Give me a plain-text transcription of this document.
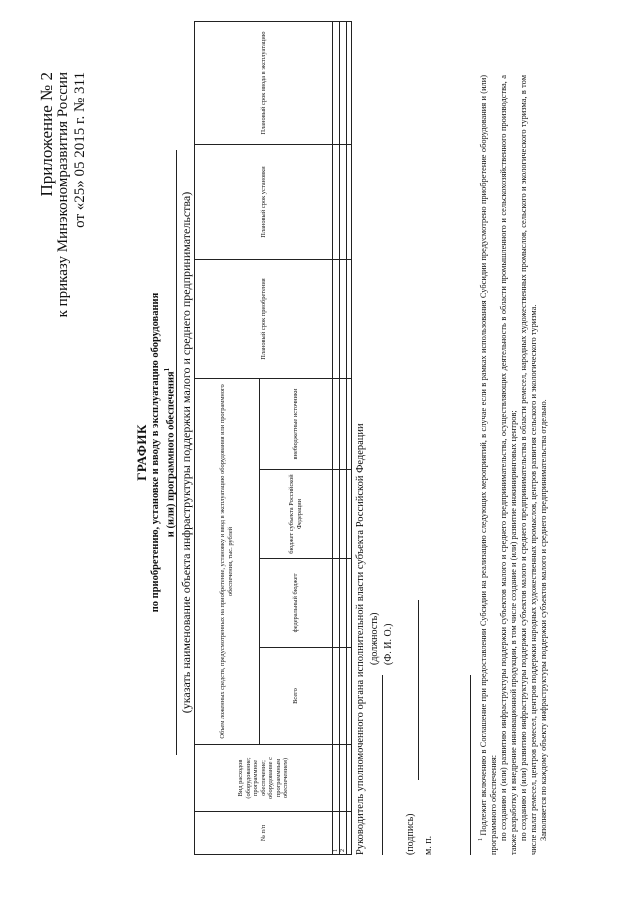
Приложение № 2 к приказу Минэкономразвития России от «25» 05 2015 г. № 311
ГРАФИК по приобретению, установке и вводу в эксплуатацию оборудования и (или) программного обеспечения$^1$ (указать наименование объекта инфраструктуры поддержки малого и среднего предпринимательства)
№ п/п	Вид расходов (оборудование; программное обеспечение; оборудование с программным обеспечением)	Объем ложенных средств, предусмотренных на приобретение, установку и ввод в эксплуатацию оборудования или программного обеспечения, тыс. рублей				Плановый срок приобретения	Плановый срок установки	Плановый срок ввода в эксплуатацию
		Всего	федеральный бюджет	бюджет субъекта Российской Федерации	внебюджетные источники			
1								
2								
								Руководитель уполномоченного органа исполнительной власти субъекта Российской Федерации (должность) (Ф. И. О.)
(подпись) м. п.	$^1$ Подлежит включению в Соглашение при предоставлении Субсидии на реализацию следующих мероприятий, в случае если в рамках использования Субсидии предусмотрено приобретение оборудования и (или) программного обеспечения: по созданию и (или) развитию инфраструктуры поддержки субъектов малого и среднего предпринимательства, осуществляющих деятельность в области промышленного и сельскохозяйственного производства, а также разработку и внедрение инновационной продукции, в том числе создание и (или) развитие инжиниринговых центров; по созданию и (или) развитию инфраструктуры поддержки субъектов малого и среднего предпринимательства в области ремесел, народных художественных промыслов, сельского и экологического туризма, в том числе палат ремесел, центров ремесел, центров поддержки народных художественных промыслов, центров развития сельского и экологического туризма. Заполняется по каждому объекту инфраструктуры поддержки субъектов малого и среднего предпринимательства отдельно.
